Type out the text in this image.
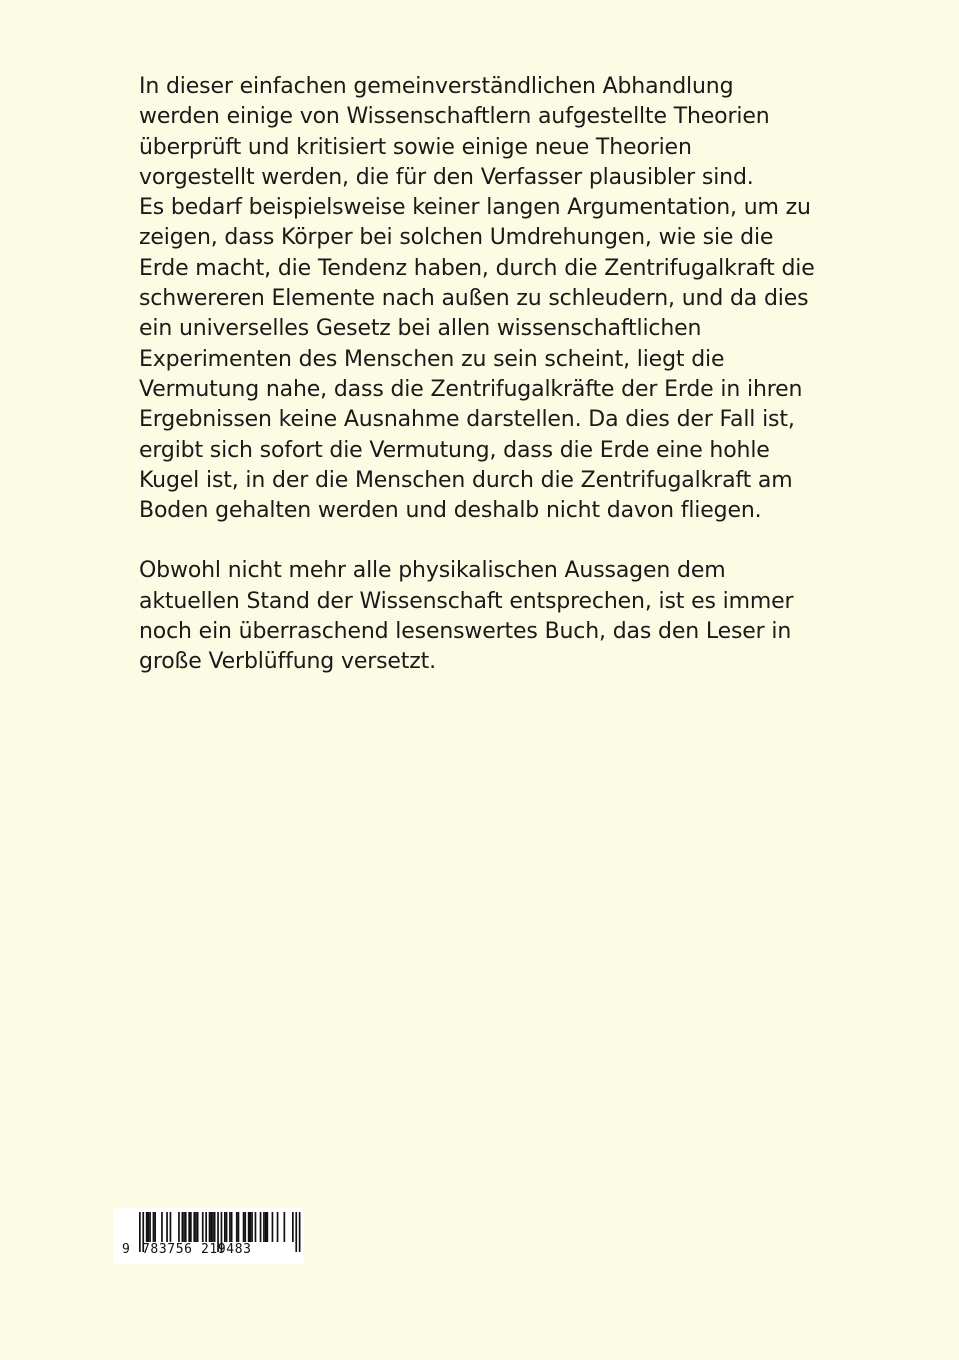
In dieser einfachen gemeinverständlichen Abhandlung
werden einige von Wissenschaftlern aufgestellte Theorien
überprüft und kritisiert sowie einige neue Theorien
vorgestellt werden, die für den Verfasser plausibler sind.
Es bedarf beispielsweise keiner langen Argumentation, um zu
zeigen, dass Körper bei solchen Umdrehungen, wie sie die
Erde macht, die Tendenz haben, durch die Zentrifugalkraft die
schwereren Elemente nach außen zu schleudern, und da dies
ein universelles Gesetz bei allen wissenschaftlichen
Experimenten des Menschen zu sein scheint, liegt die
Vermutung nahe, dass die Zentrifugalkräfte der Erde in ihren
Ergebnissen keine Ausnahme darstellen. Da dies der Fall ist,
ergibt sich sofort die Vermutung, dass die Erde eine hohle
Kugel ist, in der die Menschen durch die Zentrifugalkraft am
Boden gehalten werden und deshalb nicht davon fliegen.
Obwohl nicht mehr alle physikalischen Aussagen dem
aktuellen Stand der Wissenschaft entsprechen, ist es immer
noch ein überraschend lesenswertes Buch, das den Leser in
große Verblüffung versetzt.
9 783756 219483
